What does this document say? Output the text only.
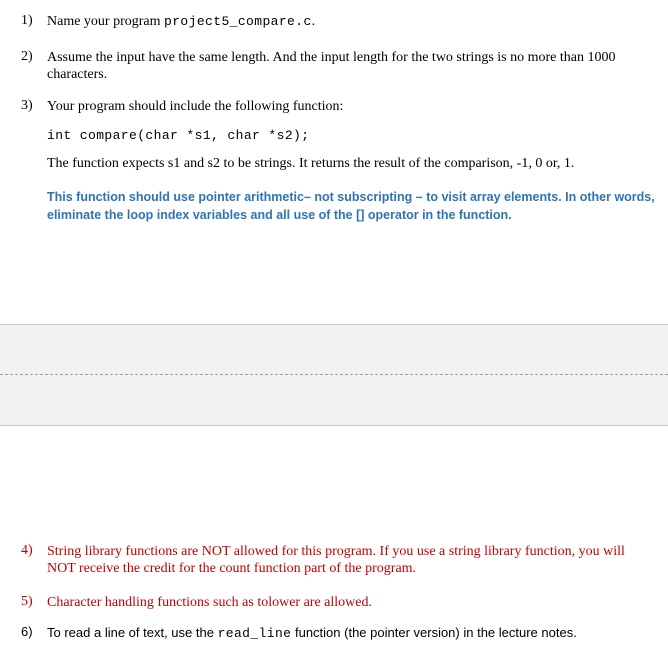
1)	Name your program project5_compare.c.
2)	Assume the input have the same length. And the input length for the two strings is no more than 1000
characters.
3)	Your program should include the following function:
int compare(char *s1, char *s2);
The function expects s1 and s2 to be strings. It returns the result of the comparison, -1, 0 or, 1.
This function should use pointer arithmetic– not subscripting – to visit array elements. In other words,
eliminate the loop index variables and all use of the [] operator in the function.
4)	String library functions are NOT allowed for this program. If you use a string library function, you will
NOT receive the credit for the count function part of the program.
5)	Character handling functions such as tolower are allowed.
6)	To read a line of text, use the read_line function (the pointer version) in the lecture notes.
